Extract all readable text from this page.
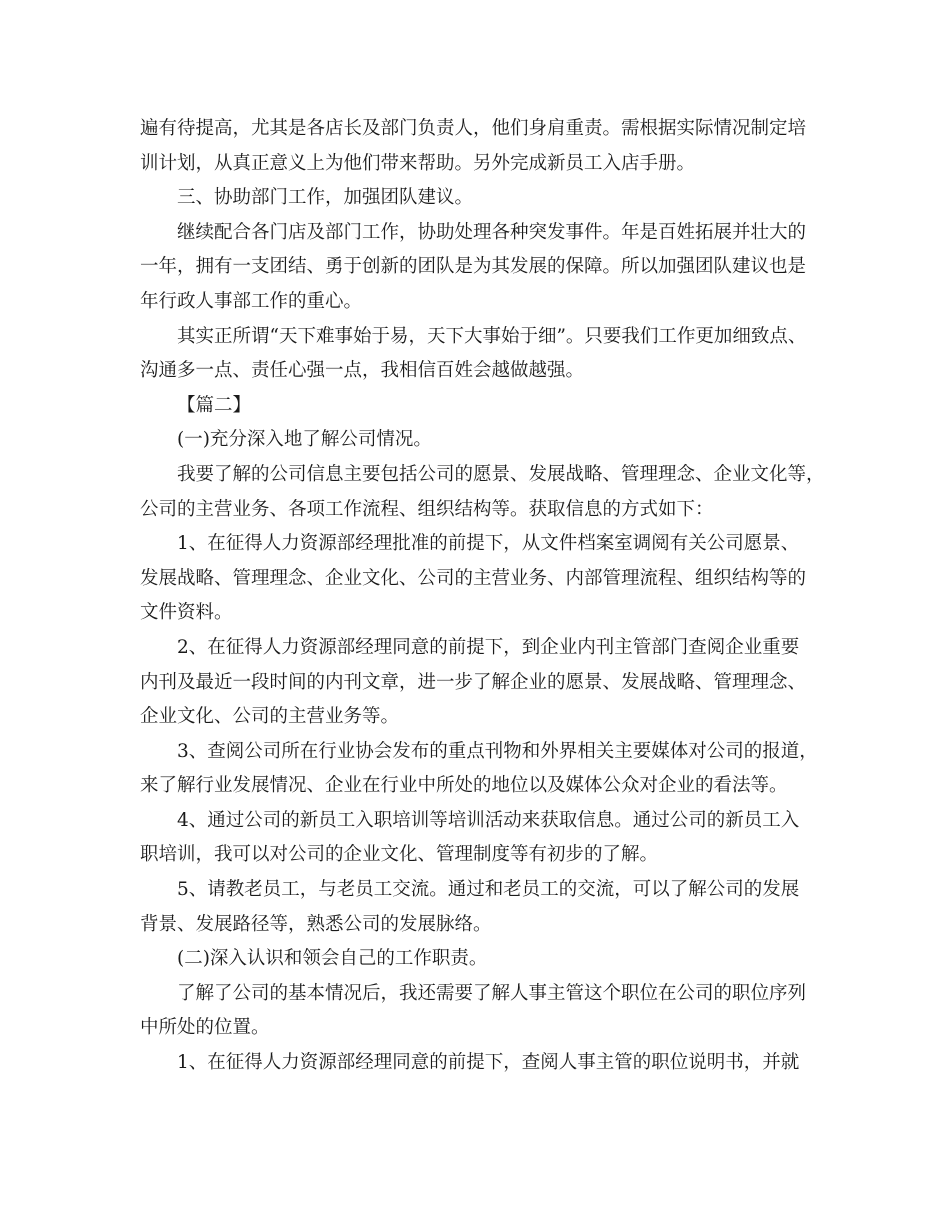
遍有待提高，尤其是各店长及部门负责人，他们身肩重责。需根据实际情况制定培
训计划，从真正意义上为他们带来帮助。另外完成新员工入店手册。
三、协助部门工作，加强团队建议。
继续配合各门店及部门工作，协助处理各种突发事件。年是百姓拓展并壮大的
一年，拥有一支团结、勇于创新的团队是为其发展的保障。所以加强团队建议也是
年行政人事部工作的重心。
其实正所谓“天下难事始于易，天下大事始于细”。只要我们工作更加细致点、
沟通多一点、责任心强一点，我相信百姓会越做越强。
【篇二】
(一)充分深入地了解公司情况。
我要了解的公司信息主要包括公司的愿景、发展战略、管理理念、企业文化等，
公司的主营业务、各项工作流程、组织结构等。获取信息的方式如下：
1、在征得人力资源部经理批准的前提下，从文件档案室调阅有关公司愿景、
发展战略、管理理念、企业文化、公司的主营业务、内部管理流程、组织结构等的
文件资料。
2、在征得人力资源部经理同意的前提下，到企业内刊主管部门查阅企业重要
内刊及最近一段时间的内刊文章，进一步了解企业的愿景、发展战略、管理理念、
企业文化、公司的主营业务等。
3、查阅公司所在行业协会发布的重点刊物和外界相关主要媒体对公司的报道，
来了解行业发展情况、企业在行业中所处的地位以及媒体公众对企业的看法等。
4、通过公司的新员工入职培训等培训活动来获取信息。通过公司的新员工入
职培训，我可以对公司的企业文化、管理制度等有初步的了解。
5、请教老员工，与老员工交流。通过和老员工的交流，可以了解公司的发展
背景、发展路径等，熟悉公司的发展脉络。
(二)深入认识和领会自己的工作职责。
了解了公司的基本情况后，我还需要了解人事主管这个职位在公司的职位序列
中所处的位置。
1、在征得人力资源部经理同意的前提下，查阅人事主管的职位说明书，并就
